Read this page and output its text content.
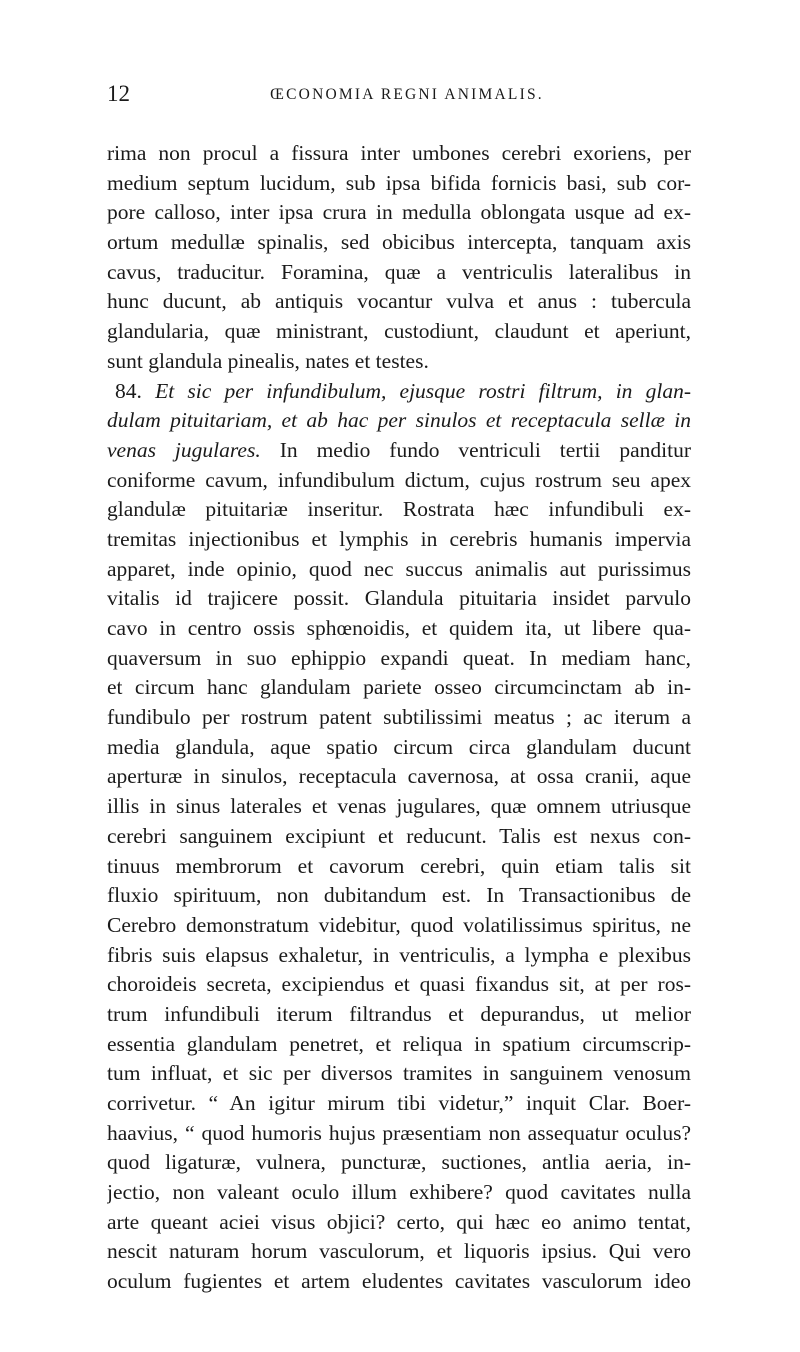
12	ŒCONOMIA REGNI ANIMALIS.
rima non procul a fissura inter umbones cerebri exoriens, per
medium septum lucidum, sub ipsa bifida fornicis basi, sub cor-
pore calloso, inter ipsa crura in medulla oblongata usque ad ex-
ortum medullæ spinalis, sed obicibus intercepta, tanquam axis
cavus, traducitur. Foramina, quæ a ventriculis lateralibus in
hunc ducunt, ab antiquis vocantur vulva et anus : tubercula
glandularia, quæ ministrant, custodiunt, claudunt et aperiunt,
sunt glandula pinealis, nates et testes.
84. Et sic per infundibulum, ejusque rostri filtrum, in glan-
dulam pituitariam, et ab hac per sinulos et receptacula sellæ in
venas jugulares. In medio fundo ventriculi tertii panditur
coniforme cavum, infundibulum dictum, cujus rostrum seu apex
glandulæ pituitariæ inseritur. Rostrata hæc infundibuli ex-
tremitas injectionibus et lymphis in cerebris humanis impervia
apparet, inde opinio, quod nec succus animalis aut purissimus
vitalis id trajicere possit. Glandula pituitaria insidet parvulo
cavo in centro ossis sphœnoidis, et quidem ita, ut libere qua-
quaversum in suo ephippio expandi queat. In mediam hanc,
et circum hanc glandulam pariete osseo circumcinctam ab in-
fundibulo per rostrum patent subtilissimi meatus ; ac iterum a
media glandula, aque spatio circum circa glandulam ducunt
aperturæ in sinulos, receptacula cavernosa, at ossa cranii, aque
illis in sinus laterales et venas jugulares, quæ omnem utriusque
cerebri sanguinem excipiunt et reducunt. Talis est nexus con-
tinuus membrorum et cavorum cerebri, quin etiam talis sit
fluxio spirituum, non dubitandum est. In Transactionibus de
Cerebro demonstratum videbitur, quod volatilissimus spiritus, ne
fibris suis elapsus exhaletur, in ventriculis, a lympha e plexibus
choroideis secreta, excipiendus et quasi fixandus sit, at per ros-
trum infundibuli iterum filtrandus et depurandus, ut melior
essentia glandulam penetret, et reliqua in spatium circumscrip-
tum influat, et sic per diversos tramites in sanguinem venosum
corrivetur. “ An igitur mirum tibi videtur,” inquit Clar. Boer-
haavius, “ quod humoris hujus præsentiam non assequatur oculus?
quod ligaturæ, vulnera, puncturæ, suctiones, antlia aeria, in-
jectio, non valeant oculo illum exhibere? quod cavitates nulla
arte queant aciei visus objici? certo, qui hæc eo animo tentat,
nescit naturam horum vasculorum, et liquoris ipsius. Qui vero
oculum fugientes et artem eludentes cavitates vasculorum ideo
